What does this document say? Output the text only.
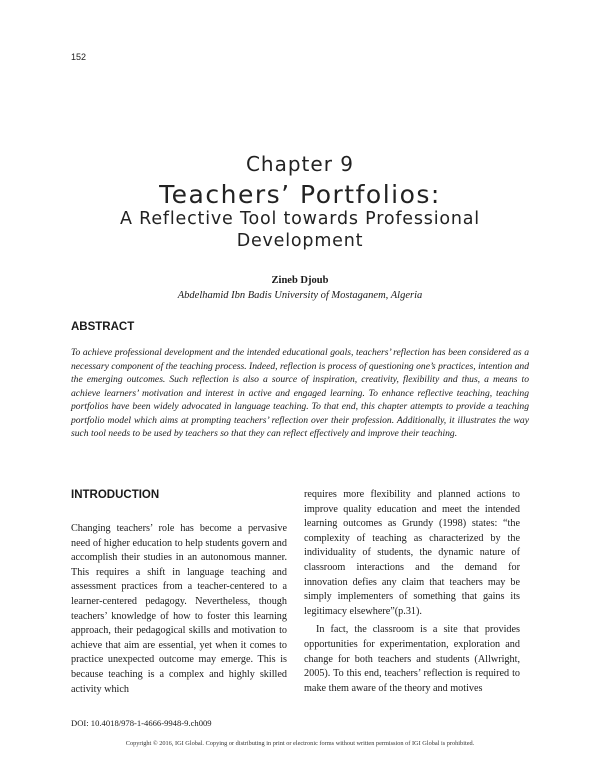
152
Chapter 9
Teachers’ Portfolios:
A Reflective Tool towards Professional Development
Zineb Djoub
Abdelhamid Ibn Badis University of Mostaganem, Algeria
ABSTRACT
To achieve professional development and the intended educational goals, teachers’ reflection has been considered as a necessary component of the teaching process. Indeed, reflection is process of questioning one’s practices, intention and the emerging outcomes. Such reflection is also a source of inspiration, creativity, flexibility and thus, a means to achieve learners’ motivation and interest in active and engaged learning. To enhance reflective teaching, teaching portfolios have been widely advocated in language teaching. To that end, this chapter attempts to provide a teaching portfolio model which aims at prompting teachers’ reflection over their profession. Additionally, it illustrates the way such tool needs to be used by teachers so that they can reflect effectively and improve their teaching.
INTRODUCTION

Changing teachers’ role has become a pervasive need of higher education to help students govern and accomplish their studies in an autonomous manner. This requires a shift in language teaching and assessment practices from a teacher-centered to a learner-centered pedagogy. Nevertheless, though teachers’ knowledge of how to foster this learning approach, their pedagogical skills and motivation to achieve that aim are essential, yet when it comes to practice unexpected outcome may emerge. This is because teaching is a complex and highly skilled activity which

requires more flexibility and planned actions to improve quality education and meet the intended learning outcomes as Grundy (1998) states: “the complexity of teaching as characterized by the individuality of students, the dynamic nature of classroom interactions and the demand for innovation defies any claim that teachers may be simply implementers of something that gains its legitimacy elsewhere”(p.31).

In fact, the classroom is a site that provides opportunities for experimentation, exploration and change for both teachers and students (Allwright, 2005). To this end, teachers’ reflection is required to make them aware of the theory and motives

DOI: 10.4018/978-1-4666-9948-9.ch009
Copyright © 2016, IGI Global. Copying or distributing in print or electronic forms without written permission of IGI Global is prohibited.
